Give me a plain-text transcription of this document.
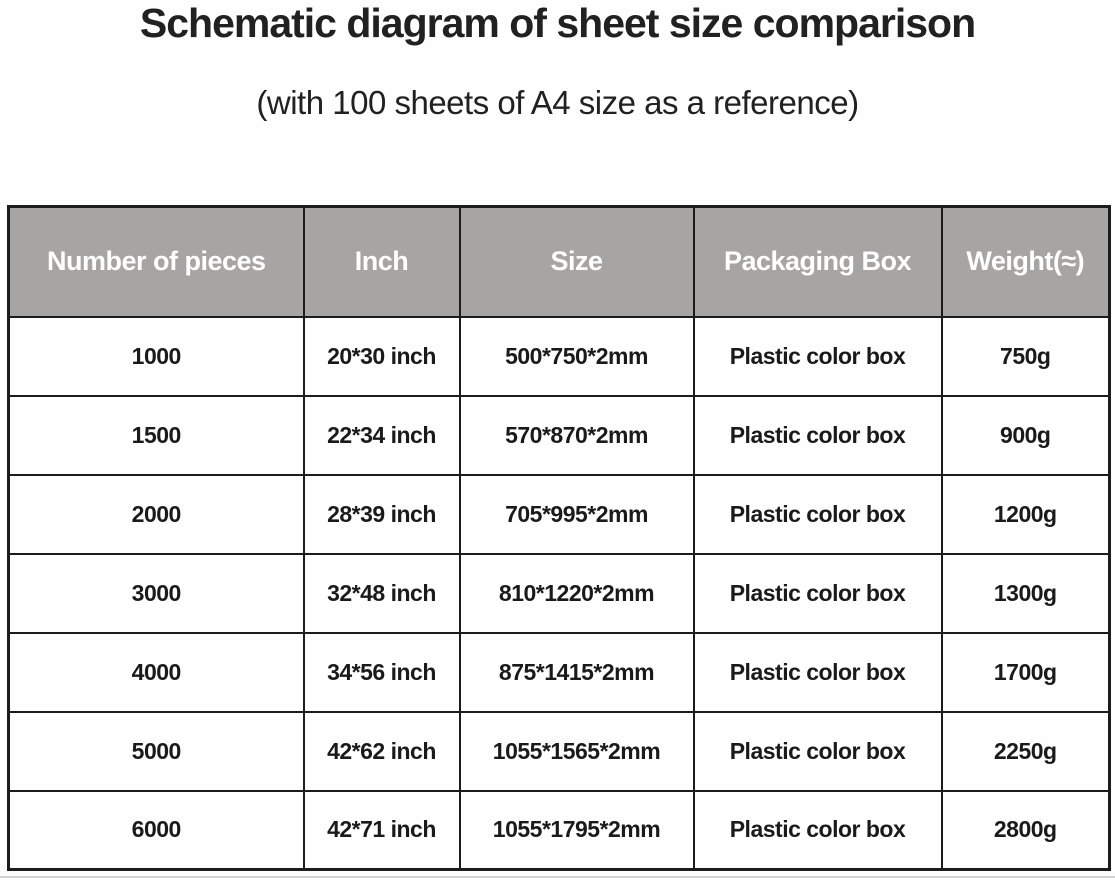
Schematic diagram of sheet size comparison
(with 100 sheets of A4 size as a reference)
Number of pieces	Inch	Size	Packaging Box	Weight(≈)
1000	20*30 inch	500*750*2mm	Plastic color box	750g
1500	22*34 inch	570*870*2mm	Plastic color box	900g
2000	28*39 inch	705*995*2mm	Plastic color box	1200g
3000	32*48 inch	810*1220*2mm	Plastic color box	1300g
4000	34*56 inch	875*1415*2mm	Plastic color box	1700g
5000	42*62 inch	1055*1565*2mm	Plastic color box	2250g
6000	42*71 inch	1055*1795*2mm	Plastic color box	2800g
